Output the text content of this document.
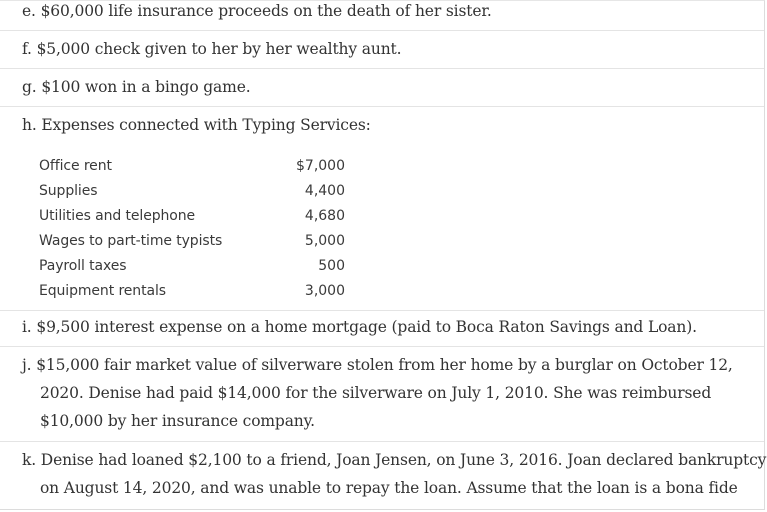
e. $60,000 life insurance proceeds on the death of her sister.
f. $5,000 check given to her by her wealthy aunt.
g. $100 won in a bingo game.
h. Expenses connected with Typing Services:
Office rent	$7,000
Supplies	4,400
Utilities and telephone	4,680
Wages to part-time typists	5,000
Payroll taxes	500
Equipment rentals	3,000
i. $9,500 interest expense on a home mortgage (paid to Boca Raton Savings and Loan).
j. $15,000 fair market value of silverware stolen from her home by a burglar on October 12,
2020. Denise had paid $14,000 for the silverware on July 1, 2010. She was reimbursed
$10,000 by her insurance company.
k. Denise had loaned $2,100 to a friend, Joan Jensen, on June 3, 2016. Joan declared bankruptcy
on August 14, 2020, and was unable to repay the loan. Assume that the loan is a bona fide
